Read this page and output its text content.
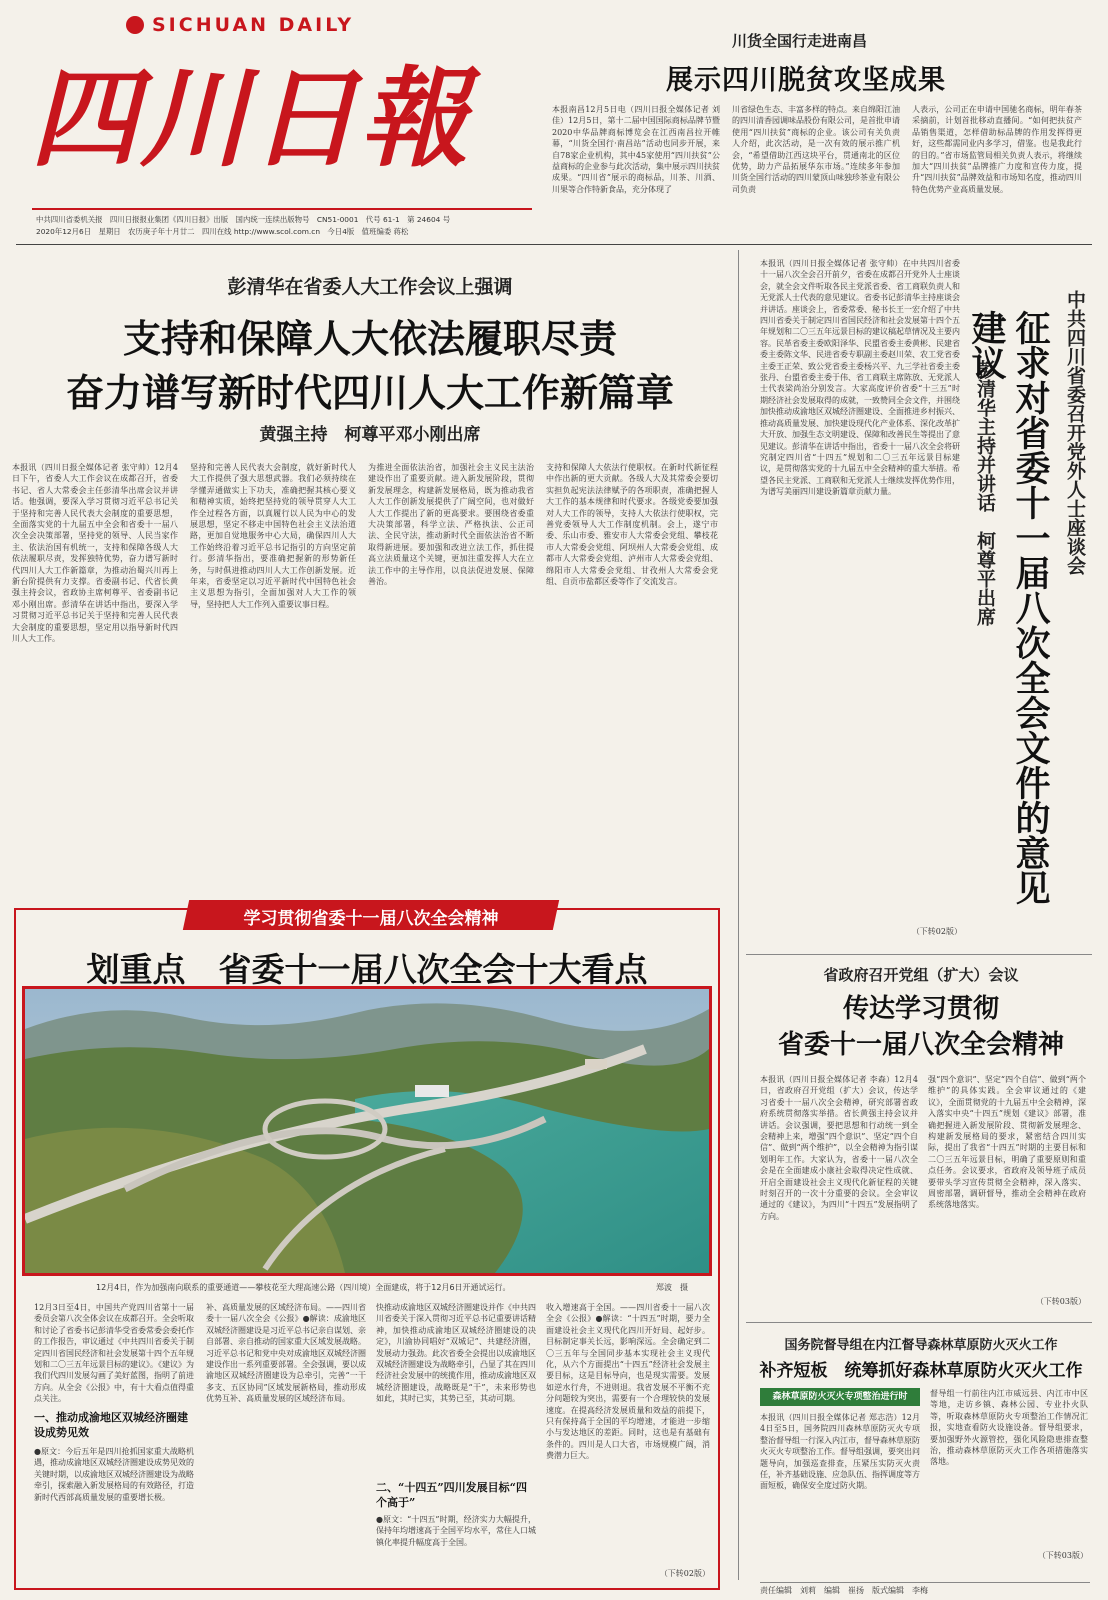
SICHUAN DAILY
四川日報
中共四川省委机关报　四川日报报业集团《四川日报》出版　国内统一连续出版物号　CN51-0001　代号 61-1　第 24604 号
2020年12月6日　星期日　农历庚子年十月廿二　四川在线 http://www.scol.com.cn　今日4版　值班编委 蒋松
川货全国行走进南昌
展示四川脱贫攻坚成果
本报南昌12月5日电（四川日报全媒体记者 刘佳）12月5日，第十二届中国国际商标品牌节暨2020中华品牌商标博览会在江西南昌拉开帷幕，“川货全国行·南昌站”活动也同步开展，来自78家企业机构，其中45家使用“四川扶贫”公益商标的企业参与此次活动，集中展示四川扶贫成果。“四川省”展示的商标品，川茶、川酒、川果等合作特新食品，充分体现了
川省绿色生态、丰富多样的特点。来自绵阳江油的四川清香园调味品股份有限公司，是首批申请使用“四川扶贫”商标的企业。该公司有关负责人介绍，此次活动，是一次有效的展示推广机会，“希望借助江西这块平台，贯通南北的区位优势，助力产品拓展华东市场。”连续多年参加川货全国行活动的四川蒙顶山味独珍茶业有限公司负责
人表示，公司正在申请中国驰名商标，明年春茶采摘前，计划首批移动直播间。“如何把扶贫产品销售渠道，怎样借助标品牌的作用发挥得更好，这些都需同业内多学习，借鉴。也是我此行的目的。”省市场监管局相关负责人表示，将继续加大“四川扶贫”品牌推广力度和宣传力度，提升“四川扶贫”品牌效益和市场知名度，推动四川特色优势产业高质量发展。
彭清华在省委人大工作会议上强调
支持和保障人大依法履职尽责
奋力谱写新时代四川人大工作新篇章
黄强主持　柯尊平邓小刚出席
本报讯（四川日报全媒体记者 张守帅）12月4日下午，省委人大工作会议在成都召开，省委书记、省人大常委会主任彭清华出席会议并讲话。他强调，要深入学习贯彻习近平总书记关于坚持和完善人民代表大会制度的重要思想，全面落实党的十九届五中全会和省委十一届八次全会决策部署，坚持党的领导、人民当家作主、依法治国有机统一，支持和保障各级人大依法履职尽责，发挥独特优势，奋力谱写新时代四川人大工作新篇章，为推动治蜀兴川再上新台阶提供有力支撑。省委副书记、代省长黄强主持会议，省政协主席柯尊平、省委副书记邓小刚出席。彭清华在讲话中指出，要深入学习贯彻习近平总书记关于坚持和完善人民代表大会制度的重要思想，坚定用以指导新时代四川人大工作。
坚持和完善人民代表大会制度，就好新时代人大工作提供了强大思想武器。我们必须持续在学懂弄通做实上下功夫，准确把握其核心要义和精神实质，始终把坚持党的领导贯穿人大工作全过程各方面，以真履行以人民为中心的发展思想，坚定不移走中国特色社会主义法治道路，更加自觉地服务中心大局，确保四川人大工作始终沿着习近平总书记指引的方向坚定前行。彭清华指出，要准确把握新的形势新任务，与时俱进推动四川人大工作创新发展。近年来，省委坚定以习近平新时代中国特色社会主义思想为指引，全面加强对人大工作的领导，坚持把人大工作列入重要议事日程。
为推进全面依法治省，加强社会主义民主法治建设作出了重要贡献。进入新发展阶段，贯彻新发展理念，构建新发展格局，既为推动我省人大工作创新发展提供了广阔空间，也对做好人大工作提出了新的更高要求。要围绕省委重大决策部署，科学立法、严格执法、公正司法、全民守法，推动新时代全面依法治省不断取得新进展。要加强和改进立法工作，抓住提高立法质量这个关键，更加注重发挥人大在立法工作中的主导作用，以良法促进发展、保障善治。
支持和保障人大依法行使职权。在新时代新征程中作出新的更大贡献。各级人大及其常委会要切实担负起宪法法律赋予的各项职责，准确把握人大工作的基本规律和时代要求。各级党委要加强对人大工作的领导，支持人大依法行使职权，完善党委领导人大工作制度机制。会上，遂宁市委、乐山市委、雅安市人大常委会党组、攀枝花市人大常委会党组、阿坝州人大常委会党组、成都市人大常委会党组、泸州市人大常委会党组、绵阳市人大常委会党组、甘孜州人大常委会党组、自贡市盐都区委等作了交流发言。
本报讯（四川日报全媒体记者 张守帅）在中共四川省委十一届八次全会召开前夕，省委在成都召开党外人士座谈会，就全会文件听取各民主党派省委、省工商联负责人和无党派人士代表的意见建议。省委书记彭清华主持座谈会并讲话。座谈会上，省委常委、秘书长王一宏介绍了中共四川省委关于制定四川省国民经济和社会发展第十四个五年规划和二〇三五年远景目标的建议稿起草情况及主要内容。民革省委主委欧阳泽华、民盟省委主委黄彬、民建省委主委陈文华、民进省委专职副主委赵川荣、农工党省委主委王正荣、致公党省委主委杨兴平、九三学社省委主委张丹、台盟省委主委于伟、省工商联主席陈放、无党派人士代表梁尚治分别发言。大家高度评价省委“十三五”时期经济社会发展取得的成就，一致赞同全会文件，并围绕加快推动成渝地区双城经济圈建设、全面推进乡村振兴、推动高质量发展、加快建设现代化产业体系、深化改革扩大开放、加强生态文明建设、保障和改善民生等提出了意见建议。彭清华在讲话中指出，省委十一届八次全会将研究制定四川省“十四五”规划和二〇三五年远景目标建议，是贯彻落实党的十九届五中全会精神的重大举措。希望各民主党派、工商联和无党派人士继续发挥优势作用，为谱写美丽四川建设新篇章贡献力量。
（下转02版）
彭清华主持并讲话　柯尊平出席 征求对省委十一届八次全会文件的意见建议	中共四川省委召开党外人士座谈会
学习贯彻省委十一届八次全会精神
划重点　省委十一届八次全会十大看点
12月4日，作为加强南向联系的重要通道——攀枝花至大理高速公路（四川境）全面建成，将于12月6日开通试运行。	郑波　摄
12月3日至4日，中国共产党四川省第十一届委员会第八次全体会议在成都召开。全会听取和讨论了省委书记彭清华受省委常委会委托作的工作报告，审议通过《中共四川省委关于制定四川省国民经济和社会发展第十四个五年规划和二〇三五年远景目标的建议》。《建议》为我们代四川发展勾画了美好蓝图，指明了前进方向。从全会《公报》中，有十大看点值得重点关注。
一、推动成渝地区双城经济圈建设成势见效
●原文：今后五年是四川抢抓国家重大战略机遇，推动成渝地区双城经济圈建设成势见效的关键时期，以成渝地区双城经济圈建设为战略牵引，探索融入新发展格局的有效路径，打造新时代西部高质量发展的重要增长极。
补、高质量发展的区域经济布局。——四川省委十一届八次全会《公报》●解读：成渝地区双城经济圈建设是习近平总书记亲自谋划、亲自部署、亲自推动的国家重大区域发展战略。习近平总书记和党中央对成渝地区双城经济圈建设作出一系列重要部署。全会强调，要以成渝地区双城经济圈建设为总牵引，完善“一干多支、五区协同”区域发展新格局，推动形成优势互补、高质量发展的区域经济布局。
快推动成渝地区双城经济圈建设并作《中共四川省委关于深入贯彻习近平总书记重要讲话精神，加快推动成渝地区双城经济圈建设的决定》，川渝协同唱好“双城记”、共建经济圈，发展动力强劲。此次省委全会提出以成渝地区双城经济圈建设为战略牵引，凸显了其在四川经济社会发展中的统揽作用，推动成渝地区双城经济圈建设，战略既是“干”，未来形势也如此，其时已实，其势已至，其动可期。
二、“十四五”四川发展目标“四个高于”
●原文：“十四五”时期，经济实力大幅提升，保持年均增速高于全国平均水平，常住人口城镇化率提升幅度高于全国。
收入增速高于全国。——四川省委十一届八次全会《公报》●解读：“十四五”时期，要力全面建设社会主义现代化四川开好局、起好步。目标制定事关长远，影响深远。全会确定到二〇三五年与全国同步基本实现社会主义现代化，从六个方面提出“十四五”经济社会发展主要目标，这是目标导向，也是现实需要。发展如逆水行舟，不进则退。我省发展不平衡不充分问题较为突出，需要有一个合理较快的发展速度。在提高经济发展质量和效益的前提下，只有保持高于全国的平均增速，才能进一步缩小与发达地区的差距。同时，这也是有基础有条件的。四川是人口大省，市场规模广阔，消费潜力巨大。
（下转02版）
省政府召开党组（扩大）会议
传达学习贯彻
省委十一届八次全会精神
本报讯（四川日报全媒体记者 李森）12月4日，省政府召开党组（扩大）会议，传达学习省委十一届八次全会精神，研究部署省政府系统贯彻落实举措。省长黄强主持会议并讲话。会议强调，要把思想和行动统一到全会精神上来，增强“四个意识”、坚定“四个自信”、做到“两个维护”，以全会精神为指引谋划明年工作。大家认为，省委十一届八次全会是在全面建成小康社会取得决定性成就、开启全面建设社会主义现代化新征程的关键时刻召开的一次十分重要的会议。全会审议通过的《建议》，为四川“十四五”发展指明了方向。
强“四个意识”、坚定“四个自信”、做到“两个维护”的具体实践。全会审议通过的《建议》，全面贯彻党的十九届五中全会精神，深入落实中央“十四五”规划《建议》部署，准确把握进入新发展阶段、贯彻新发展理念、构建新发展格局的要求，紧密结合四川实际，提出了我省“十四五”时期的主要目标和二〇三五年远景目标，明确了重要原则和重点任务。会议要求，省政府及领导班子成员要带头学习宣传贯彻全会精神，深入落实、周密部署，调研督导，推动全会精神在政府系统落地落实。
（下转03版）
国务院督导组在内江督导森林草原防火灭火工作
补齐短板　统筹抓好森林草原防火灭火工作
森林草原防火灭火专项整治进行时
本报讯（四川日报全媒体记者 郑志浩）12月4日至5日，国务院四川森林草原防灭火专项整治督导组一行深入内江市，督导森林草原防火灭火专项整治工作。督导组强调，要突出问题导向，加强巡查排查，压紧压实防灭火责任，补齐基础设施、应急队伍、指挥调度等方面短板，确保安全度过防火期。
督导组一行前往内江市威远县、内江市中区等地，走访乡镇、森林公园、专业扑火队等，听取森林草原防火专项整治工作情况汇报，实地查看防火设施设备。督导组要求，要加强野外火源管控，强化风险隐患排查整治，推动森林草原防灭火工作各项措施落实落地。
（下转03版）
责任编辑　刘莉　编辑　崔扬　版式编辑　李梅
